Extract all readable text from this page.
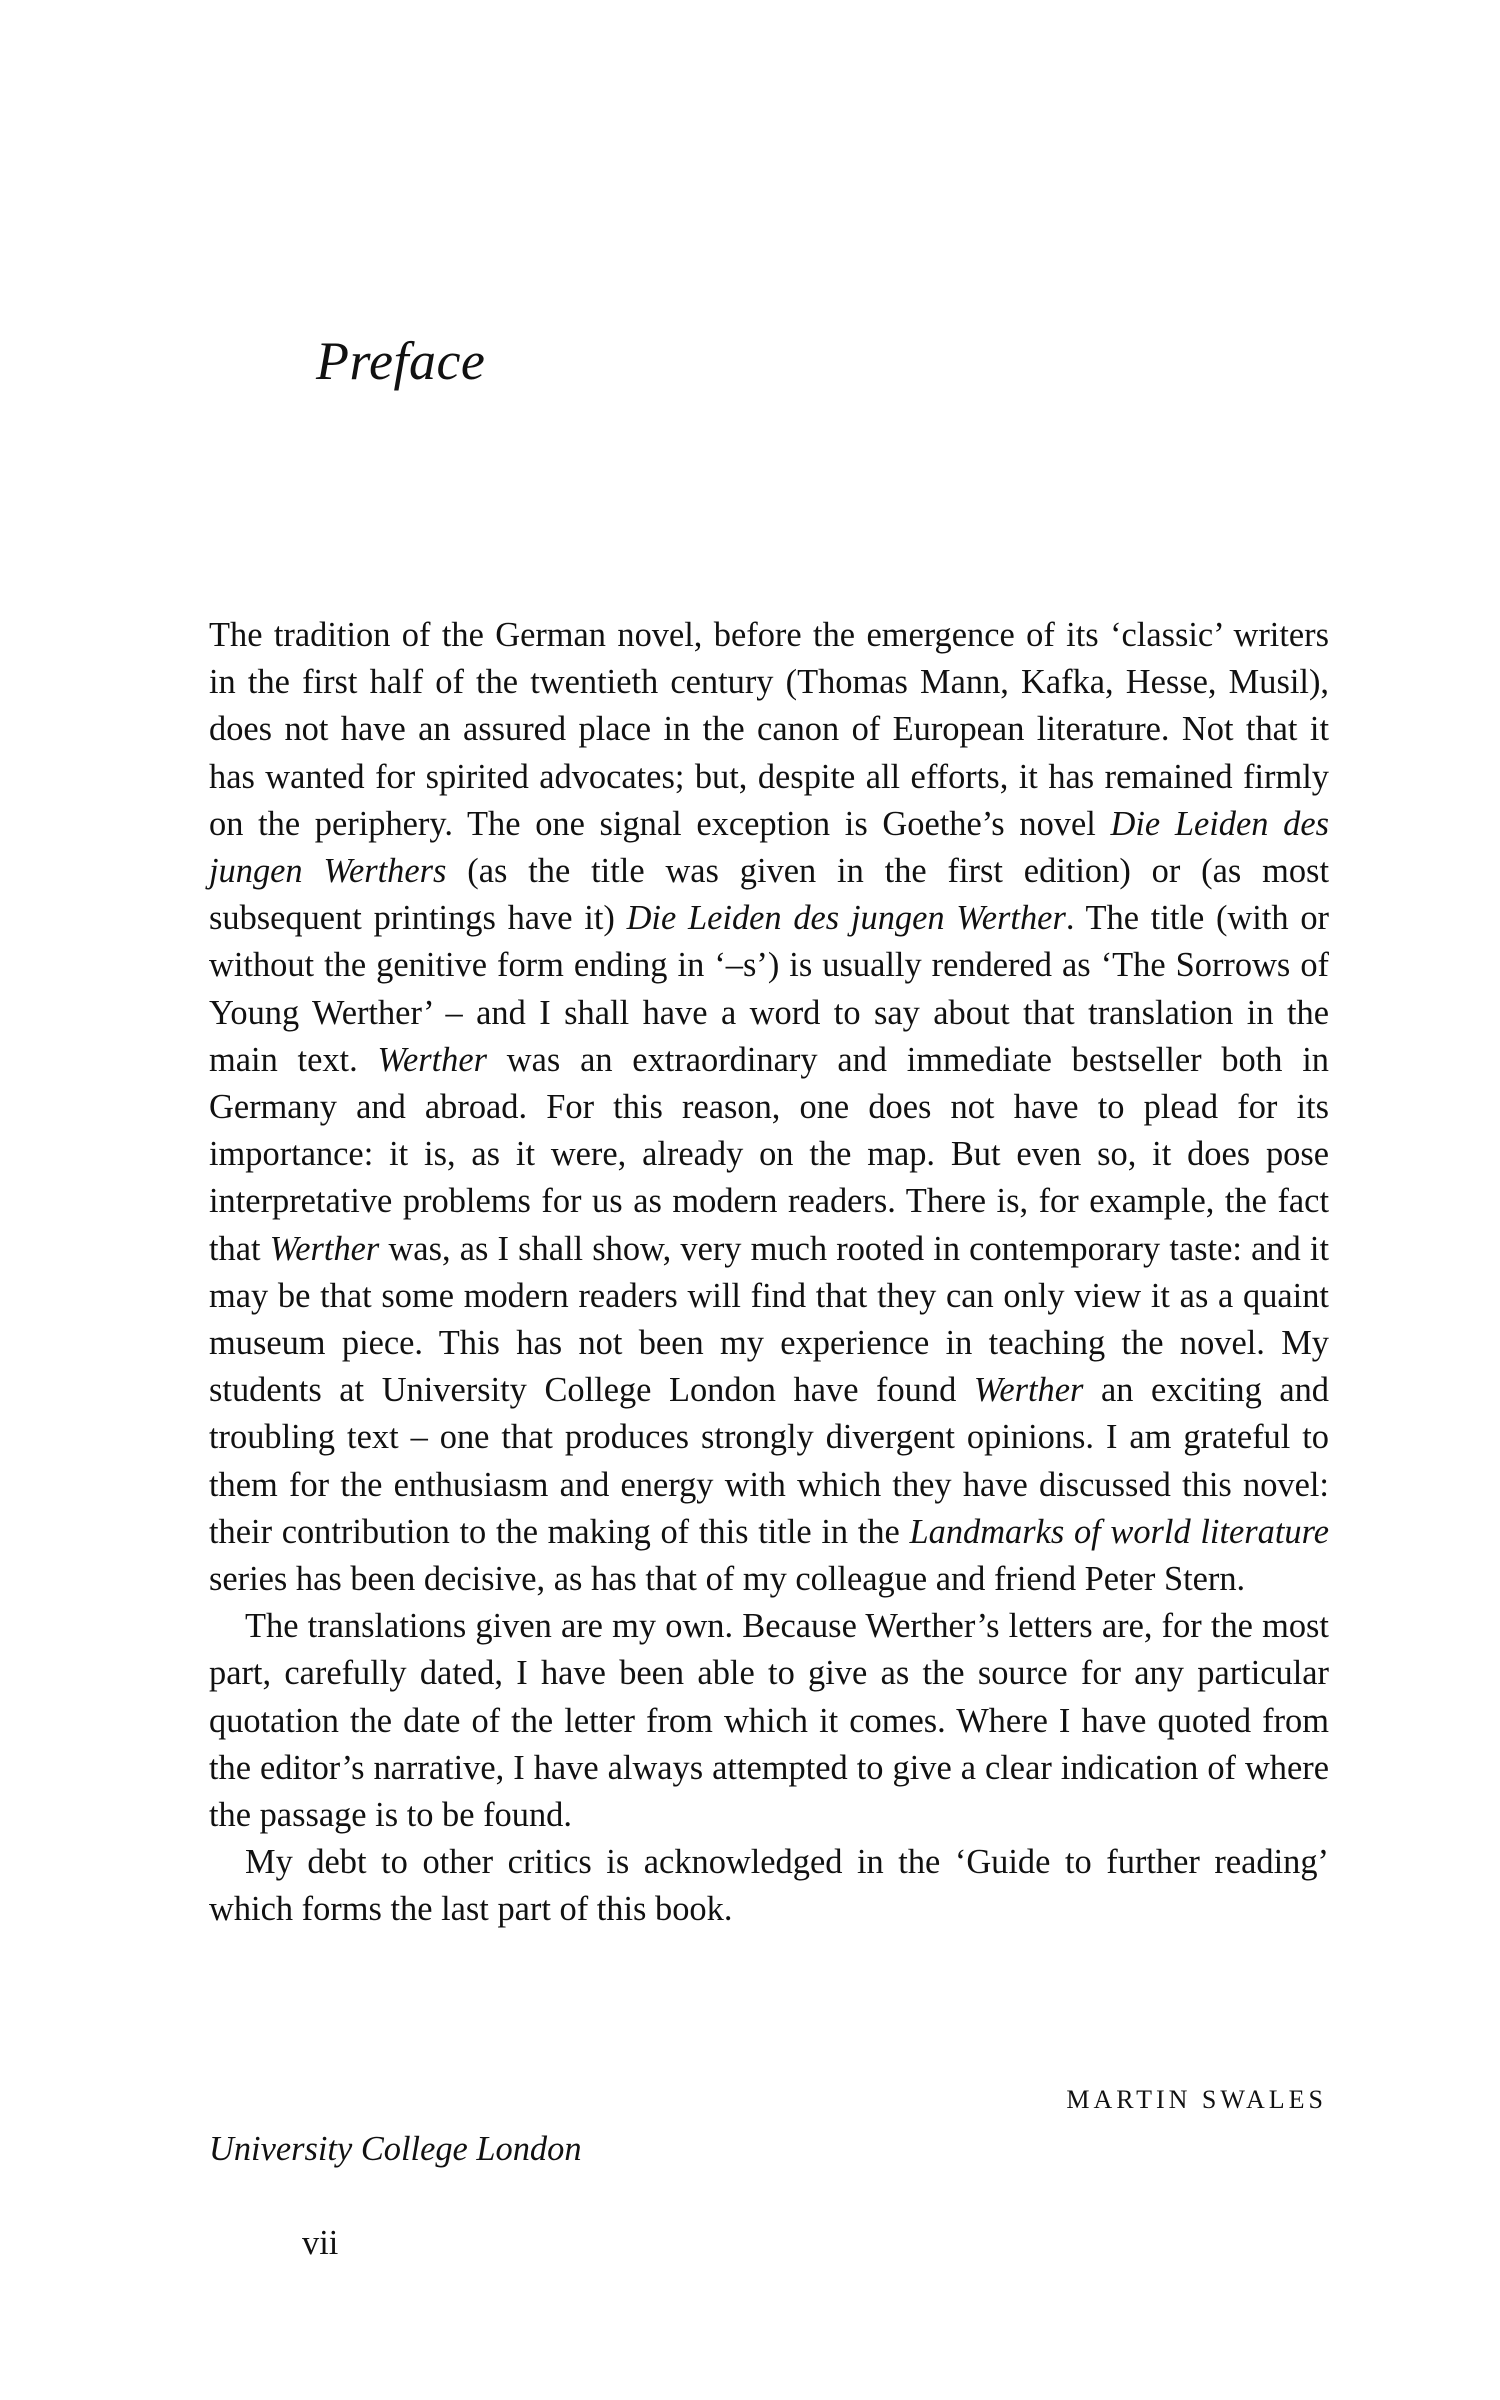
Preface

The tradition of the German novel, before the emergence of its ‘classic’ writers in the first half of the twentieth century (Thomas Mann, Kafka, Hesse, Musil), does not have an assured place in the canon of European literature. Not that it has wanted for spirited advocates; but, despite all efforts, it has remained firmly on the periphery. The one signal exception is Goethe’s novel Die Leiden des jungen Werthers (as the title was given in the first edition) or (as most subsequent printings have it) Die Leiden des jungen Werther. The title (with or without the genitive form ending in ‘–s’) is usually rendered as ‘The Sorrows of Young Werther’ – and I shall have a word to say about that translation in the main text. Werther was an extraordinary and immediate bestseller both in Germany and abroad. For this reason, one does not have to plead for its importance: it is, as it were, already on the map. But even so, it does pose interpretative problems for us as modern readers. There is, for example, the fact that Werther was, as I shall show, very much rooted in contemporary taste: and it may be that some modern readers will find that they can only view it as a quaint museum piece. This has not been my experience in teaching the novel. My students at University College London have found Werther an exciting and troubling text – one that produces strongly divergent opinions. I am grateful to them for the enthusiasm and energy with which they have discussed this novel: their contribution to the making of this title in the Landmarks of world literature series has been decisive, as has that of my colleague and friend Peter Stern.

The translations given are my own. Because Werther’s letters are, for the most part, carefully dated, I have been able to give as the source for any particular quotation the date of the letter from which it comes. Where I have quoted from the editor’s narrative, I have always attempted to give a clear indication of where the passage is to be found.

My debt to other critics is acknowledged in the ‘Guide to further reading’ which forms the last part of this book.

MARTIN SWALES

University College London

vii
